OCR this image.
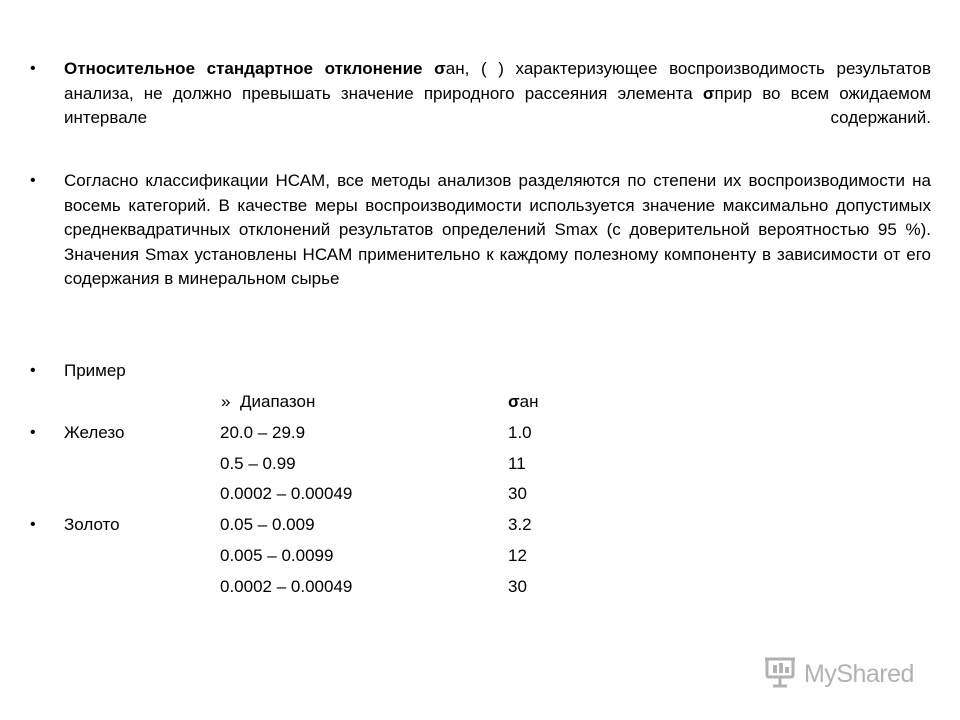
•	Относительное стандартное отклонение σан, ( ) характеризующее воспроизводимость результатов анализа, не должно превышать значение природного рассеяния элемента σприр во всем ожидаемом интервале содержаний.

•	Согласно классификации НСАМ, все методы анализов разделяются по степени их воспроизводимости на восемь категорий. В качестве меры воспроизводимости используется значение максимально допустимых среднеквадратичных отклонений результатов определений Smax (с доверительной вероятностью 95 %). Значения Smax установлены НСАМ применительно к каждому полезному компоненту в зависимости от его содержания в минеральном сырье

•	Пример
» Диапазон	σан
•	Железо	20.0 – 29.9	1.0
0.5 – 0.99	11
0.0002 – 0.00049	30
•	Золото	0.05 – 0.009	3.2
0.005 – 0.0099	12
0.0002 – 0.00049	30
MyShared
